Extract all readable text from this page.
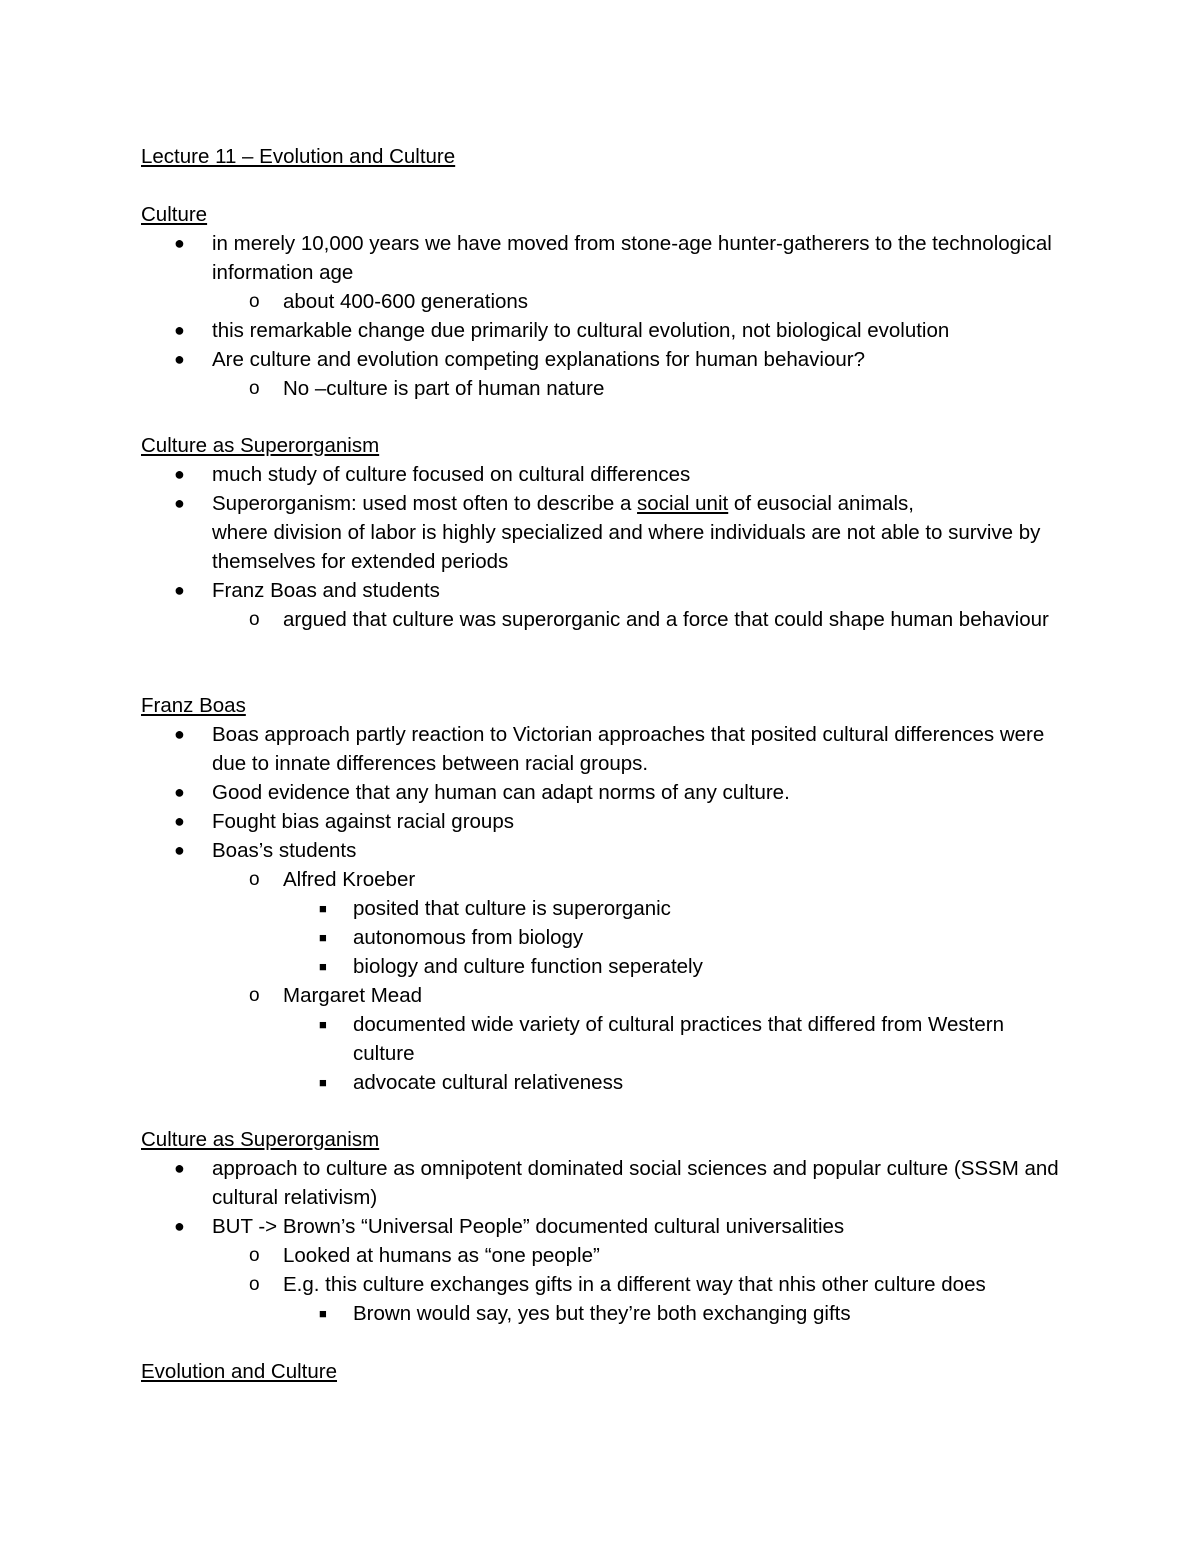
Lecture 11 – Evolution and Culture
Culture
● in merely 10,000 years we have moved from stone-age hunter-gatherers to the technological information age
o about 400-600 generations
● this remarkable change due primarily to cultural evolution, not biological evolution
● Are culture and evolution competing explanations for human behaviour?
o No –culture is part of human nature
Culture as Superorganism
● much study of culture focused on cultural differences
● Superorganism: used most often to describe a social unit of eusocial animals,
where division of labor is highly specialized and where individuals are not able to survive by themselves for extended periods
● Franz Boas and students
o argued that culture was superorganic and a force that could shape human behaviour
Franz Boas
● Boas approach partly reaction to Victorian approaches that posited cultural differences were due to innate differences between racial groups.
● Good evidence that any human can adapt norms of any culture.
● Fought bias against racial groups
● Boas’s students
o Alfred Kroeber
■ posited that culture is superorganic
■ autonomous from biology
■ biology and culture function seperately
o Margaret Mead
■ documented wide variety of cultural practices that differed from Western culture
■ advocate cultural relativeness
Culture as Superorganism
● approach to culture as omnipotent dominated social sciences and popular culture (SSSM and cultural relativism)
● BUT -> Brown’s “Universal People” documented cultural universalities
o Looked at humans as “one people”
o E.g. this culture exchanges gifts in a different way that nhis other culture does
■ Brown would say, yes but they’re both exchanging gifts
Evolution and Culture
